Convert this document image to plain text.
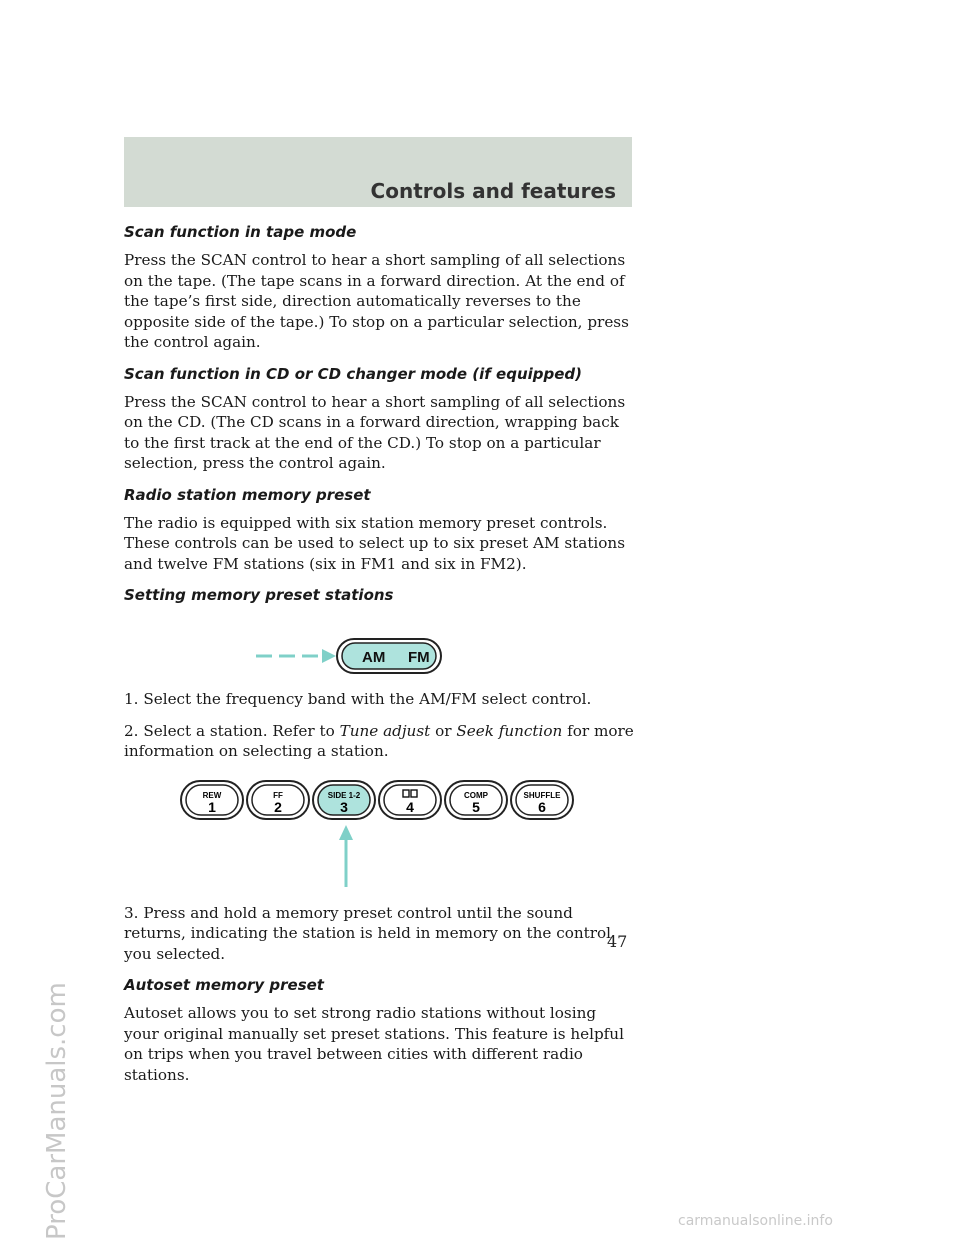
ProCarManuals.com
Controls and features
Scan function in tape mode

Press the SCAN control to hear a short sampling of all selections on the tape. (The tape scans in a forward direction. At the end of the tape’s first side, direction automatically reverses to the opposite side of the tape.) To stop on a particular selection, press the control again.

Scan function in CD or CD changer mode (if equipped)

Press the SCAN control to hear a short sampling of all selections on the CD. (The CD scans in a forward direction, wrapping back to the first track at the end of the CD.) To stop on a particular selection, press the control again.

Radio station memory preset

The radio is equipped with six station memory preset controls. These controls can be used to select up to six preset AM stations and twelve FM stations (six in FM1 and six in FM2).

Setting memory preset stations
AM FM

1. Select the frequency band with the AM/FM select control.

2. Select a station. Refer to Tune adjust or Seek function for more information on selecting a station.

REW
1
FF
2
SIDE 1-2
3	4
COMP
5
SHUFFLE
6

3. Press and hold a memory preset control until the sound returns, indicating the station is held in memory on the control you selected.

Autoset memory preset

Autoset allows you to set strong radio stations without losing your original manually set preset stations. This feature is helpful on trips when you travel between cities with different radio stations.

47
carmanualsonline.info
